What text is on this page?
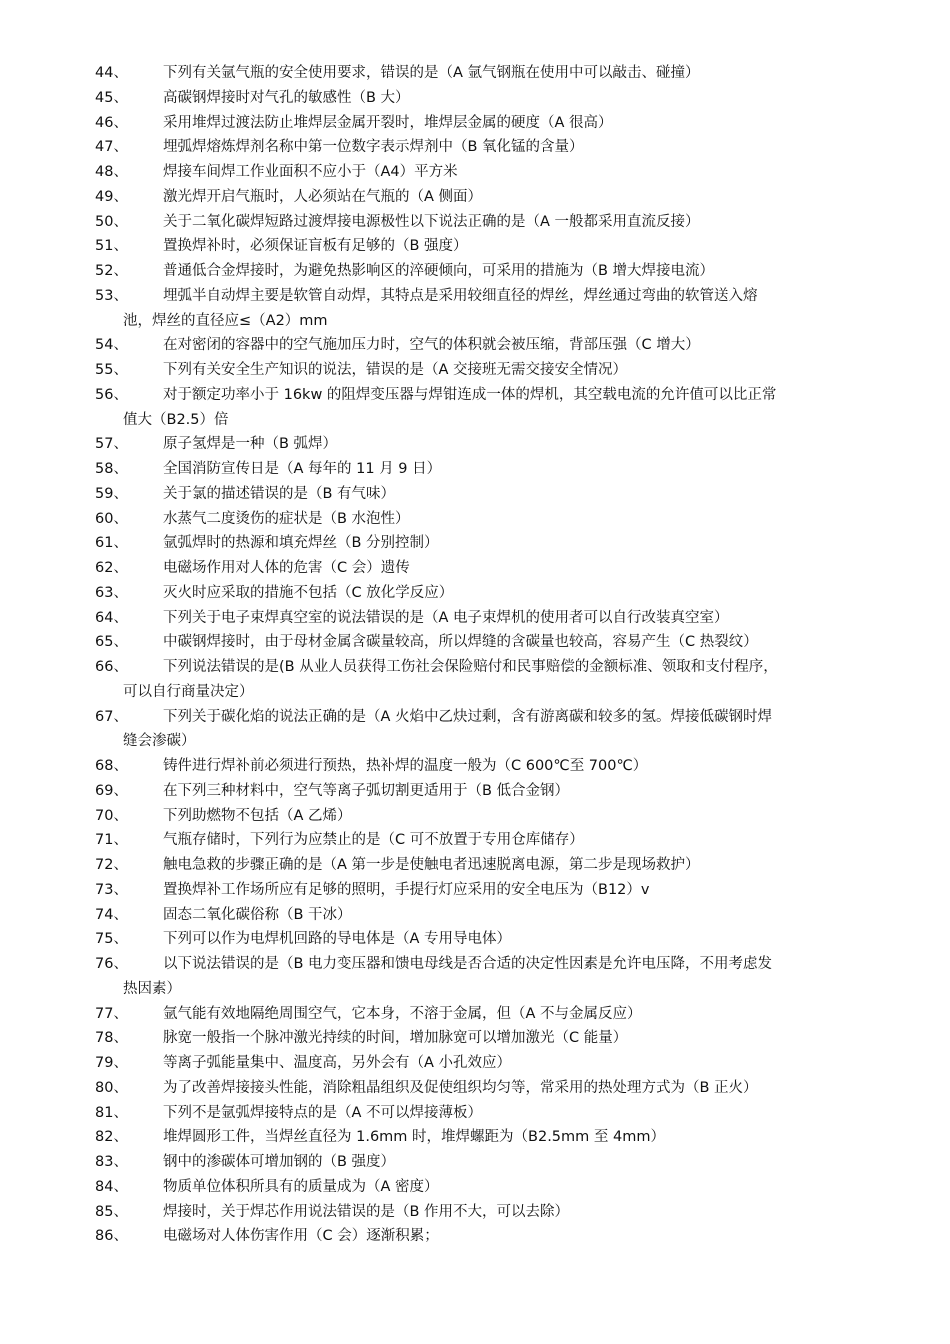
44、	下列有关氩气瓶的安全使用要求，错误的是（A 氩气钢瓶在使用中可以敲击、碰撞）
45、	高碳钢焊接时对气孔的敏感性（B 大）
46、	采用堆焊过渡法防止堆焊层金属开裂时，堆焊层金属的硬度（A 很高）
47、	埋弧焊熔炼焊剂名称中第一位数字表示焊剂中（B 氧化锰的含量）
48、	焊接车间焊工作业面积不应小于（A4）平方米
49、	激光焊开启气瓶时，人必须站在气瓶的（A 侧面）
50、	关于二氧化碳焊短路过渡焊接电源极性以下说法正确的是（A 一般都采用直流反接）
51、	置换焊补时，必须保证盲板有足够的（B 强度）
52、	普通低合金焊接时，为避免热影响区的淬硬倾向，可采用的措施为（B 增大焊接电流）
53、	埋弧半自动焊主要是软管自动焊，其特点是采用较细直径的焊丝，焊丝通过弯曲的软管送入熔
池，焊丝的直径应≤（A2）mm
54、	在对密闭的容器中的空气施加压力时，空气的体积就会被压缩，背部压强（C 增大）
55、	下列有关安全生产知识的说法，错误的是（A 交接班无需交接安全情况）
56、	对于额定功率小于 16kw 的阻焊变压器与焊钳连成一体的焊机，其空载电流的允许值可以比正常
值大（B2.5）倍
57、	原子氢焊是一种（B 弧焊）
58、	全国消防宣传日是（A 每年的 11 月 9 日）
59、	关于氯的描述错误的是（B 有气味）
60、	水蒸气二度烫伤的症状是（B 水泡性）
61、	氩弧焊时的热源和填充焊丝（B 分别控制）
62、	电磁场作用对人体的危害（C 会）遗传
63、	灭火时应采取的措施不包括（C 放化学反应）
64、	下列关于电子束焊真空室的说法错误的是（A 电子束焊机的使用者可以自行改装真空室）
65、	中碳钢焊接时，由于母材金属含碳量较高，所以焊缝的含碳量也较高，容易产生（C 热裂纹）
66、	下列说法错误的是(B 从业人员获得工伤社会保险赔付和民事赔偿的金额标准、领取和支付程序，
可以自行商量决定）
67、	下列关于碳化焰的说法正确的是（A 火焰中乙炔过剩，含有游离碳和较多的氢。焊接低碳钢时焊
缝会渗碳）
68、	铸件进行焊补前必须进行预热，热补焊的温度一般为（C 600℃至 700℃）
69、	在下列三种材料中，空气等离子弧切割更适用于（B 低合金钢）
70、	下列助燃物不包括（A 乙烯）
71、	气瓶存储时，下列行为应禁止的是（C 可不放置于专用仓库储存）
72、	触电急救的步骤正确的是（A 第一步是使触电者迅速脱离电源，第二步是现场救护）
73、	置换焊补工作场所应有足够的照明，手提行灯应采用的安全电压为（B12）v
74、	固态二氧化碳俗称（B 干冰）
75、	下列可以作为电焊机回路的导电体是（A 专用导电体）
76、	以下说法错误的是（B 电力变压器和馈电母线是否合适的决定性因素是允许电压降，不用考虑发
热因素）
77、	氩气能有效地隔绝周围空气，它本身，不溶于金属，但（A 不与金属反应）
78、	脉宽一般指一个脉冲激光持续的时间，增加脉宽可以增加激光（C 能量）
79、	等离子弧能量集中、温度高，另外会有（A 小孔效应）
80、	为了改善焊接接头性能，消除粗晶组织及促使组织均匀等，常采用的热处理方式为（B 正火）
81、	下列不是氩弧焊接特点的是（A 不可以焊接薄板）
82、	堆焊圆形工件，当焊丝直径为 1.6mm 时，堆焊螺距为（B2.5mm 至 4mm）
83、	钢中的渗碳体可增加钢的（B 强度）
84、	物质单位体积所具有的质量成为（A 密度）
85、	焊接时，关于焊芯作用说法错误的是（B 作用不大，可以去除）
86、	电磁场对人体伤害作用（C 会）逐渐积累；
